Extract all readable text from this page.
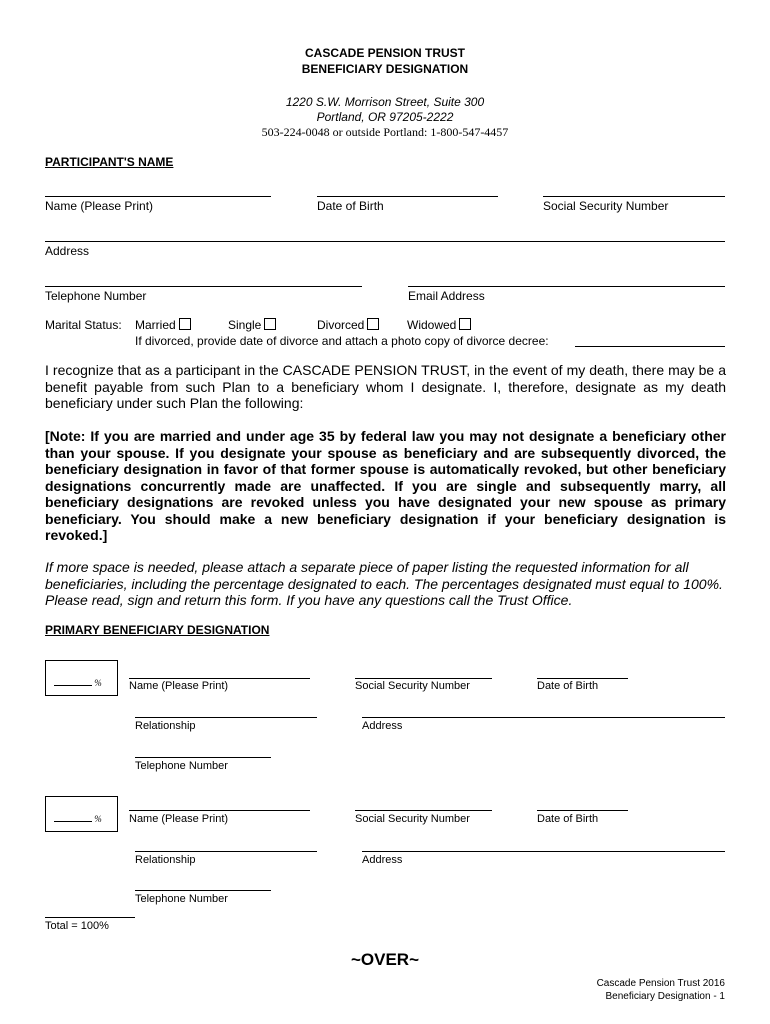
CASCADE PENSION TRUST
BENEFICIARY DESIGNATION
1220 S.W. Morrison Street, Suite 300
Portland, OR 97205-2222
503-224-0048 or outside Portland: 1-800-547-4457
PARTICIPANT'S NAME
Name (Please Print)	Date of Birth	Social Security Number
Address
Telephone Number	Email Address
Marital Status: Married	Single	Divorced	Widowed
If divorced, provide date of divorce and attach a photo copy of divorce decree:
I recognize that as a participant in the CASCADE PENSION TRUST, in the event of my death, there may be a benefit payable from such Plan to a beneficiary whom I designate. I, therefore, designate as my death beneficiary under such Plan the following:
[Note: If you are married and under age 35 by federal law you may not designate a beneficiary other than your spouse. If you designate your spouse as beneficiary and are subsequently divorced, the beneficiary designation in favor of that former spouse is automatically revoked, but other beneficiary designations concurrently made are unaffected. If you are single and subsequently marry, all beneficiary designations are revoked unless you have designated your new spouse as primary beneficiary. You should make a new beneficiary designation if your beneficiary designation is revoked.]
If more space is needed, please attach a separate piece of paper listing the requested information for all beneficiaries, including the percentage designated to each. The percentages designated must equal to 100%. Please read, sign and return this form. If you have any questions call the Trust Office.
PRIMARY BENEFICIARY DESIGNATION
%	Name (Please Print)	Social Security Number	Date of Birth
Relationship	Address
Telephone Number
%	Name (Please Print)	Social Security Number	Date of Birth
Relationship	Address
Telephone Number
Total = 100%
~OVER~
Cascade Pension Trust 2016
Beneficiary Designation - 1
